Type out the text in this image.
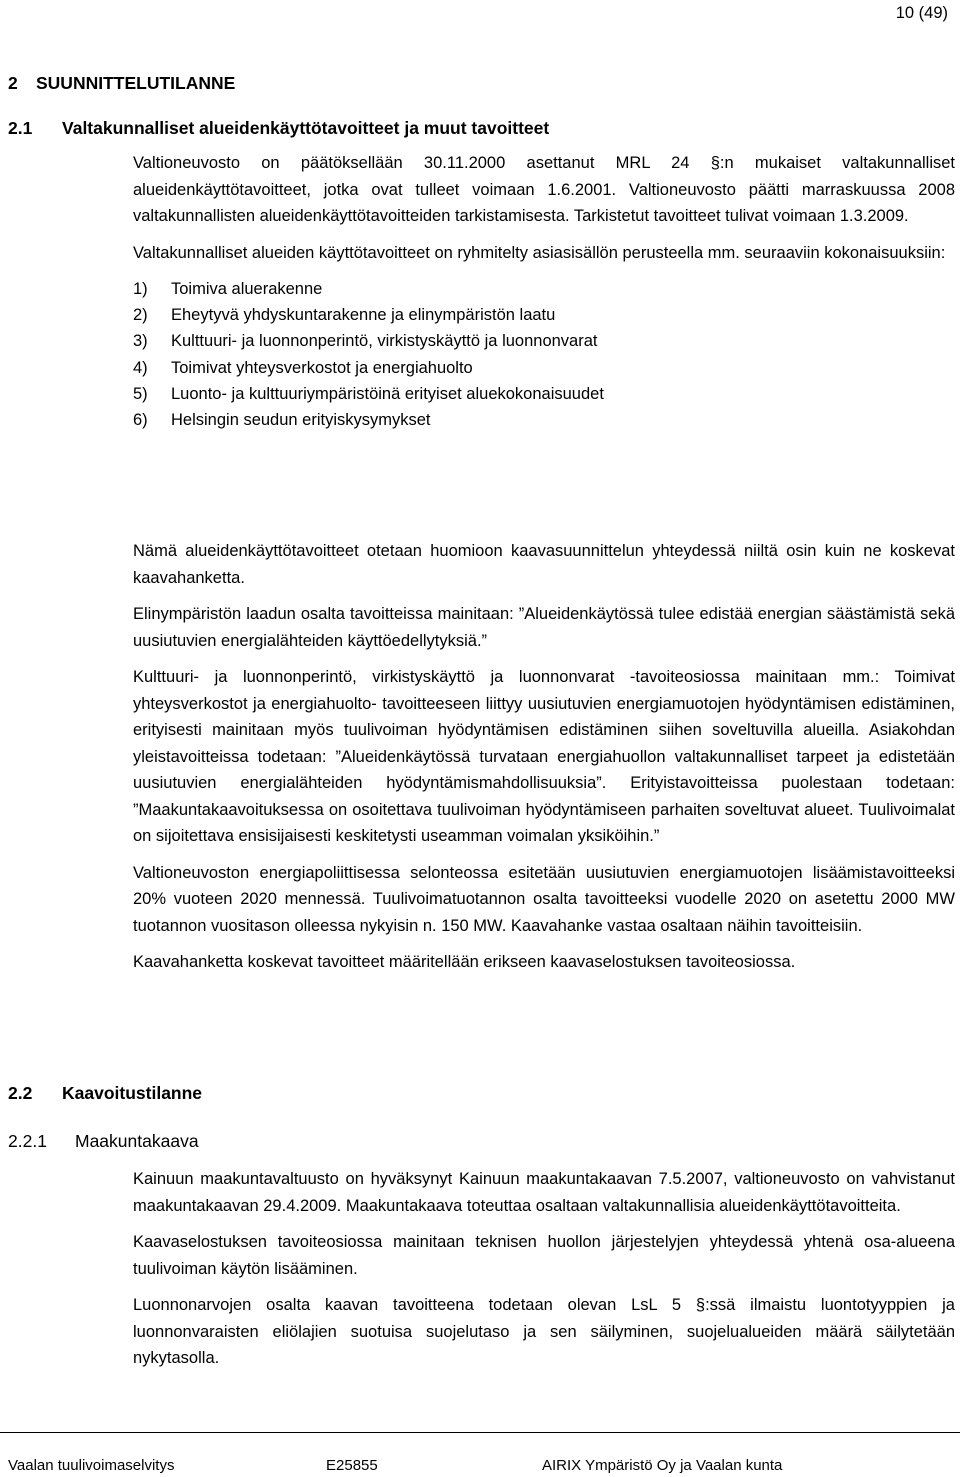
10 (49)
2 SUUNNITTELUTILANNE
2.1 Valtakunnalliset alueidenkäyttötavoitteet ja muut tavoitteet

Valtioneuvosto on päätöksellään 30.11.2000 asettanut MRL 24 §:n mukaiset valtakunnalliset alueidenkäyttötavoitteet, jotka ovat tulleet voimaan 1.6.2001. Valtioneuvosto päätti marraskuussa 2008 valtakunnallisten alueidenkäyttötavoitteiden tarkistamisesta. Tarkistetut tavoitteet tulivat voimaan 1.3.2009.

Valtakunnalliset alueiden käyttötavoitteet on ryhmitelty asiasisällön perusteella mm. seuraaviin kokonaisuuksiin:

1) Toimiva aluerakenne
2) Eheytyvä yhdyskuntarakenne ja elinympäristön laatu
3) Kulttuuri- ja luonnonperintö, virkistyskäyttö ja luonnonvarat
4) Toimivat yhteysverkostot ja energiahuolto
5) Luonto- ja kulttuuriympäristöinä erityiset aluekokonaisuudet
6) Helsingin seudun erityiskysymykset

Nämä alueidenkäyttötavoitteet otetaan huomioon kaavasuunnittelun yhteydessä niiltä osin kuin ne koskevat kaavahanketta.

Elinympäristön laadun osalta tavoitteissa mainitaan: ”Alueidenkäytössä tulee edistää energian säästämistä sekä uusiutuvien energialähteiden käyttöedellytyksiä.”

Kulttuuri- ja luonnonperintö, virkistyskäyttö ja luonnonvarat -tavoiteosiossa mainitaan mm.: Toimivat yhteysverkostot ja energiahuolto- tavoitteeseen liittyy uusiutuvien energiamuotojen hyödyntämisen edistäminen, erityisesti mainitaan myös tuulivoiman hyödyntämisen edistäminen siihen soveltuvilla alueilla. Asiakohdan yleistavoitteissa todetaan: ”Alueidenkäytössä turvataan energiahuollon valtakunnalliset tarpeet ja edistetään uusiutuvien energialähteiden hyödyntämismahdollisuuksia”. Erityistavoitteissa puolestaan todetaan: ”Maakuntakaavoituksessa on osoitettava tuulivoiman hyödyntämiseen parhaiten soveltuvat alueet. Tuulivoimalat on sijoitettava ensisijaisesti keskitetysti useamman voimalan yksiköihin.”

Valtioneuvoston energiapoliittisessa selonteossa esitetään uusiutuvien energiamuotojen lisäämistavoitteeksi 20% vuoteen 2020 mennessä. Tuulivoimatuotannon osalta tavoitteeksi vuodelle 2020 on asetettu 2000 MW tuotannon vuositason olleessa nykyisin n. 150 MW. Kaavahanke vastaa osaltaan näihin tavoitteisiin.

Kaavahanketta koskevat tavoitteet määritellään erikseen kaavaselostuksen tavoiteosiossa.

2.2 Kaavoitustilanne
2.2.1 Maakuntakaava

Kainuun maakuntavaltuusto on hyväksynyt Kainuun maakuntakaavan 7.5.2007, valtioneuvosto on vahvistanut maakuntakaavan 29.4.2009. Maakuntakaava toteuttaa osaltaan valtakunnallisia alueidenkäyttötavoitteita.

Kaavaselostuksen tavoiteosiossa mainitaan teknisen huollon järjestelyjen yhteydessä yhtenä osa-alueena tuulivoiman käytön lisääminen.

Luonnonarvojen osalta kaavan tavoitteena todetaan olevan LsL 5 §:ssä ilmaistu luontotyyppien ja luonnonvaraisten eliölajien suotuisa suojelutaso ja sen säilyminen, suojelualueiden määrä säilytetään nykytasolla.

Vaalan tuulivoimaselvitys	E25855	AIRIX Ympäristö Oy ja Vaalan kunta
